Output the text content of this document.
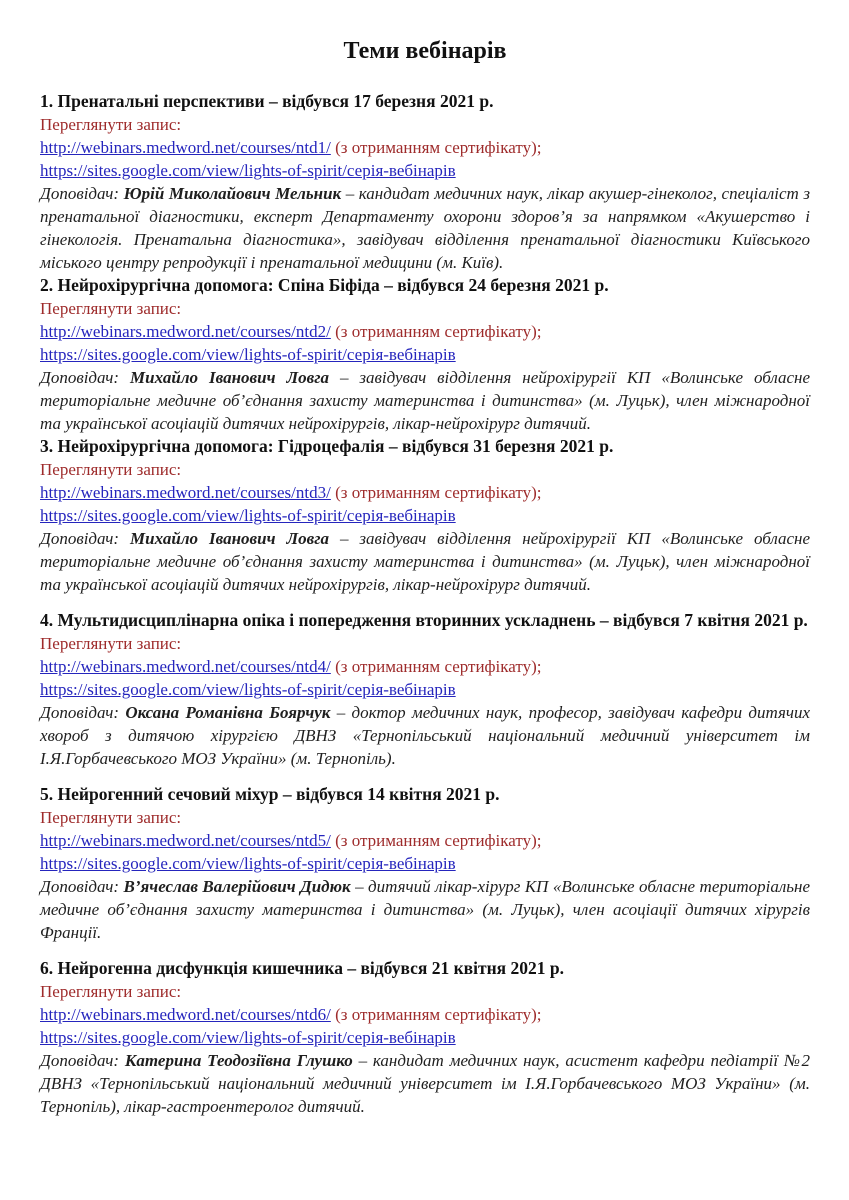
Теми вебінарів
1. Пренатальні перспективи – відбувся 17 березня 2021 р.
Переглянути запис:
http://webinars.medword.net/courses/ntd1/ (з отриманням сертифікату);
https://sites.google.com/view/lights-of-spirit/серія-вебінарів

Доповідач: Юрій Миколайович Мельник – кандидат медичних наук, лікар акушер-гінеколог, спеціаліст з пренатальної діагностики, експерт Департаменту охорони здоров’я за напрямком «Акушерство і гінекологія. Пренатальна діагностика», завідувач відділення пренатальної діагностики Київського міського центру репродукції і пренатальної медицини (м. Київ).

2. Нейрохірургічна допомога: Спіна Біфіда – відбувся 24 березня 2021 р.
Переглянути запис:
http://webinars.medword.net/courses/ntd2/ (з отриманням сертифікату);
https://sites.google.com/view/lights-of-spirit/серія-вебінарів

Доповідач: Михайло Іванович Ловга – завідувач відділення нейрохірургії КП «Волинське обласне територіальне медичне об’єднання захисту материнства і дитинства» (м. Луцьк), член міжнародної та української асоціацій дитячих нейрохірургів, лікар-нейрохірург дитячий.

3. Нейрохірургічна допомога: Гідроцефалія – відбувся 31 березня 2021 р.
Переглянути запис:
http://webinars.medword.net/courses/ntd3/ (з отриманням сертифікату);
https://sites.google.com/view/lights-of-spirit/серія-вебінарів

Доповідач: Михайло Іванович Ловга – завідувач відділення нейрохірургії КП «Волинське обласне територіальне медичне об’єднання захисту материнства і дитинства» (м. Луцьк), член міжнародної та української асоціацій дитячих нейрохірургів, лікар-нейрохірург дитячий.

4. Мультидисциплінарна опіка і попередження вторинних ускладнень – відбувся 7 квітня 2021 р.
Переглянути запис:
http://webinars.medword.net/courses/ntd4/ (з отриманням сертифікату);
https://sites.google.com/view/lights-of-spirit/серія-вебінарів

Доповідач: Оксана Романівна Боярчук – доктор медичних наук, професор, завідувач кафедри дитячих хвороб з дитячою хірургією ДВНЗ «Тернопільський національний медичний університет ім І.Я.Горбачевського МОЗ України» (м. Тернопіль).

5. Нейрогенний сечовий міхур – відбувся 14 квітня 2021 р.
Переглянути запис:
http://webinars.medword.net/courses/ntd5/ (з отриманням сертифікату);
https://sites.google.com/view/lights-of-spirit/серія-вебінарів

Доповідач: В’ячеслав Валерійович Дидюк – дитячий лікар-хірург КП «Волинське обласне територіальне медичне об’єднання захисту материнства і дитинства» (м. Луцьк), член асоціації дитячих хірургів Франції.

6. Нейрогенна дисфункція кишечника – відбувся 21 квітня 2021 р.
Переглянути запис:
http://webinars.medword.net/courses/ntd6/ (з отриманням сертифікату);
https://sites.google.com/view/lights-of-spirit/серія-вебінарів

Доповідач: Катерина Теодозіївна Глушко – кандидат медичних наук, асистент кафедри педіатрії №2 ДВНЗ «Тернопільський національний медичний університет ім І.Я.Горбачевського МОЗ України» (м. Тернопіль), лікар-гастроентеролог дитячий.
